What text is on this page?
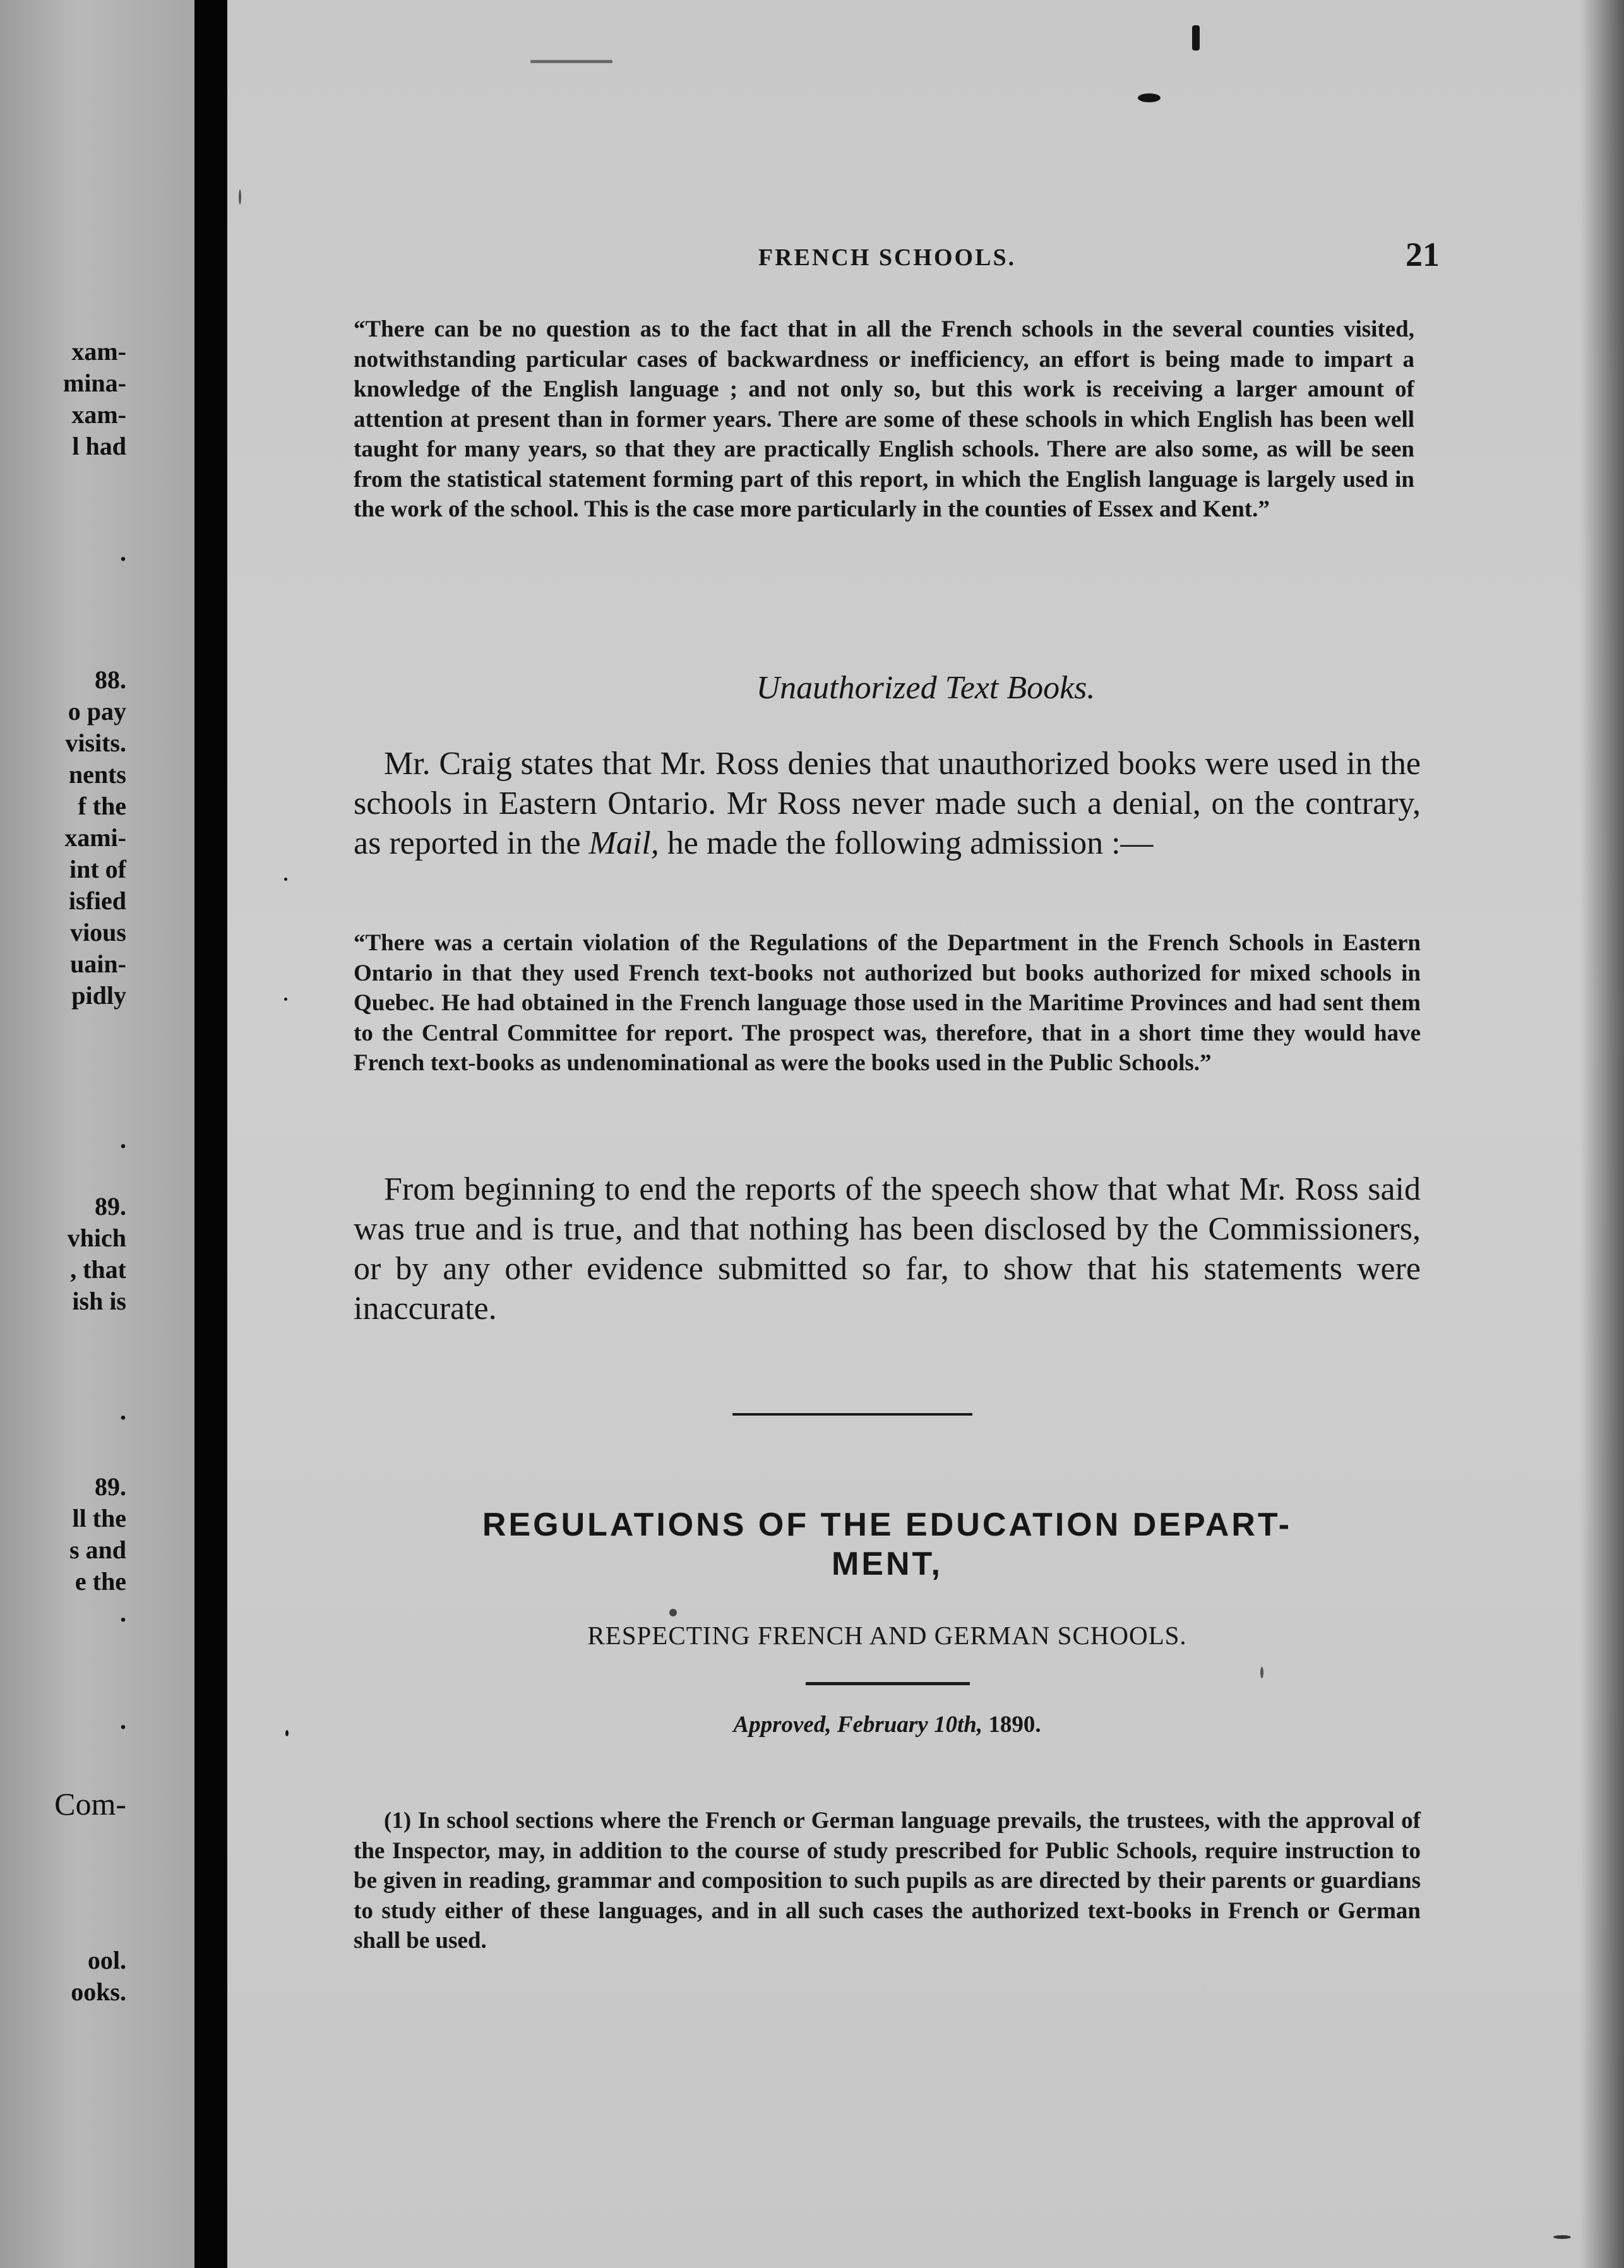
xam-
mina-
xam-
l had
.
88.
o pay
visits.
nents
f the
xami-
int of
isfied
vious
uain-
pidly
.
89.
vhich
, that
ish is
.
89.
ll the
s and
e the
.
.
Com-
ool.
ooks.
FRENCH SCHOOLS.	21
“There can be no question as to the fact that in all the French schools in the several counties visited, notwithstanding particular cases of backwardness or inefficiency, an effort is being made to impart a knowledge of the English language ; and not only so, but this work is receiving a larger amount of attention at present than in former years. There are some of these schools in which English has been well taught for many years, so that they are practically English schools. There are also some, as will be seen from the statistical statement forming part of this report, in which the English language is largely used in the work of the school. This is the case more particularly in the counties of Essex and Kent.”
Unauthorized Text Books.

Mr. Craig states that Mr. Ross denies that unauthorized books were used in the schools in Eastern Ontario. Mr Ross never made such a denial, on the contrary, as reported in the Mail, he made the following admission :—

“There was a certain violation of the Regulations of the Department in the French Schools in Eastern Ontario in that they used French text-books not authorized but books authorized for mixed schools in Quebec. He had obtained in the French language those used in the Maritime Provinces and had sent them to the Central Committee for report. The prospect was, therefore, that in a short time they would have French text-books as undenominational as were the books used in the Public Schools.”

From beginning to end the reports of the speech show that what Mr. Ross said was true and is true, and that nothing has been disclosed by the Commissioners, or by any other evidence submitted so far, to show that his statements were inaccurate.

REGULATIONS OF THE EDUCATION DEPART-
MENT,
RESPECTING FRENCH AND GERMAN SCHOOLS.
Approved, February 10th, 1890.

(1) In school sections where the French or German language prevails, the trustees, with the approval of the Inspector, may, in addition to the course of study prescribed for Public Schools, require instruction to be given in reading, grammar and composition to such pupils as are directed by their parents or guardians to study either of these languages, and in all such cases the authorized text-books in French or German shall be used.
